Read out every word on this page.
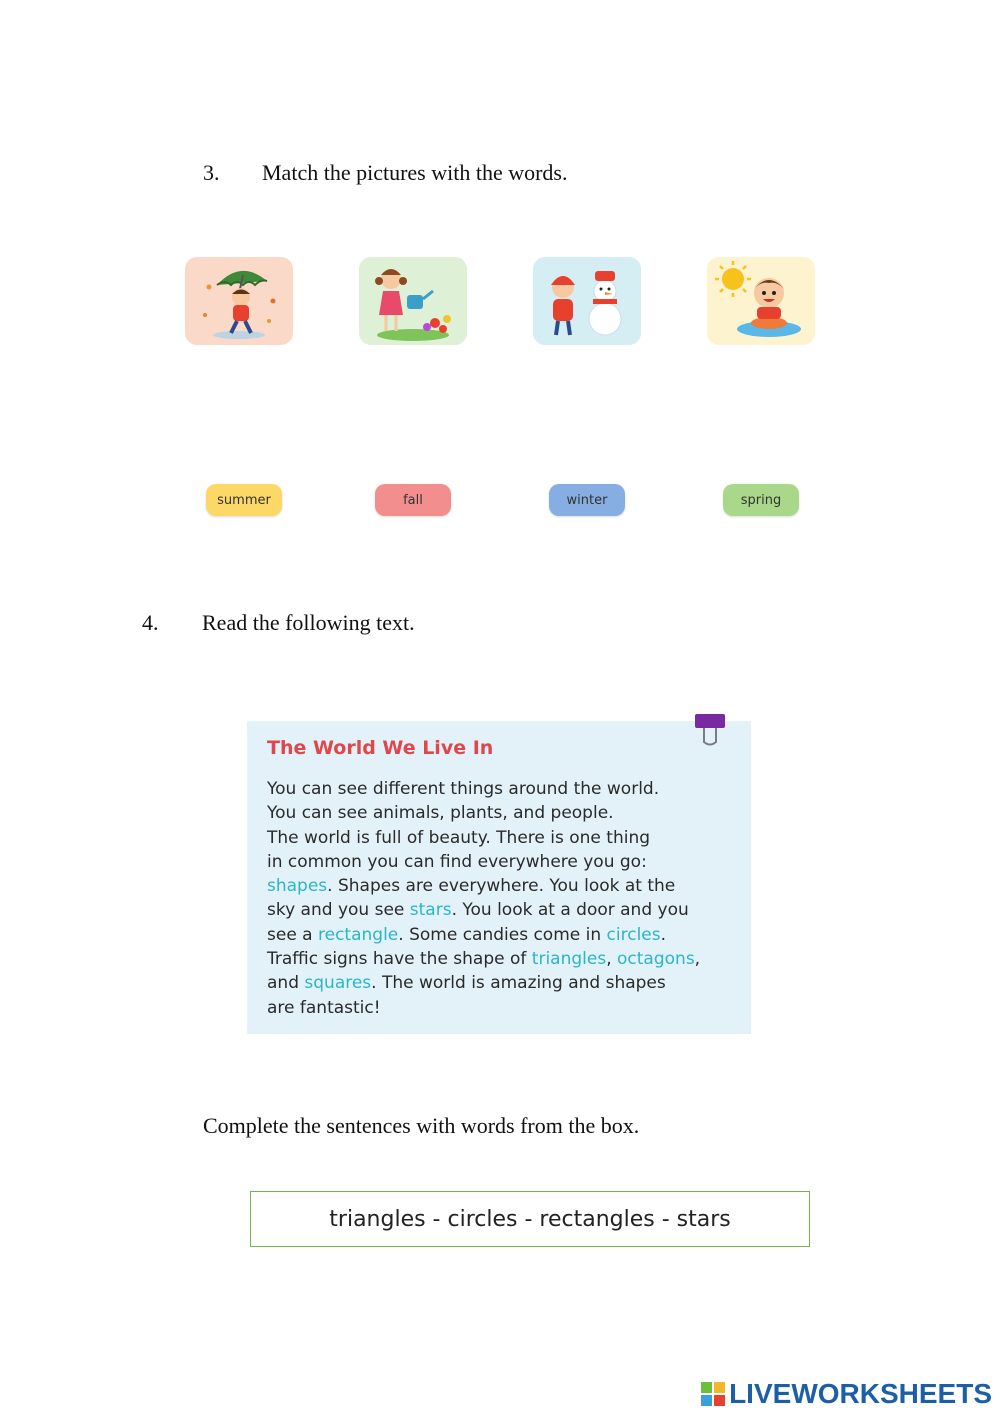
3. Match the pictures with the words.
summer	fall	winter	spring
4. Read the following text.
The World We Live In
You can see different things around the world.
You can see animals, plants, and people.
The world is full of beauty. There is one thing
in common you can find everywhere you go:
shapes. Shapes are everywhere. You look at the
sky and you see stars. You look at a door and you
see a rectangle. Some candies come in circles.
Traffic signs have the shape of triangles, octagons,
and squares. The world is amazing and shapes
are fantastic!
Complete the sentences with words from the box.
triangles - circles - rectangles - stars
LIVEWORKSHEETS
